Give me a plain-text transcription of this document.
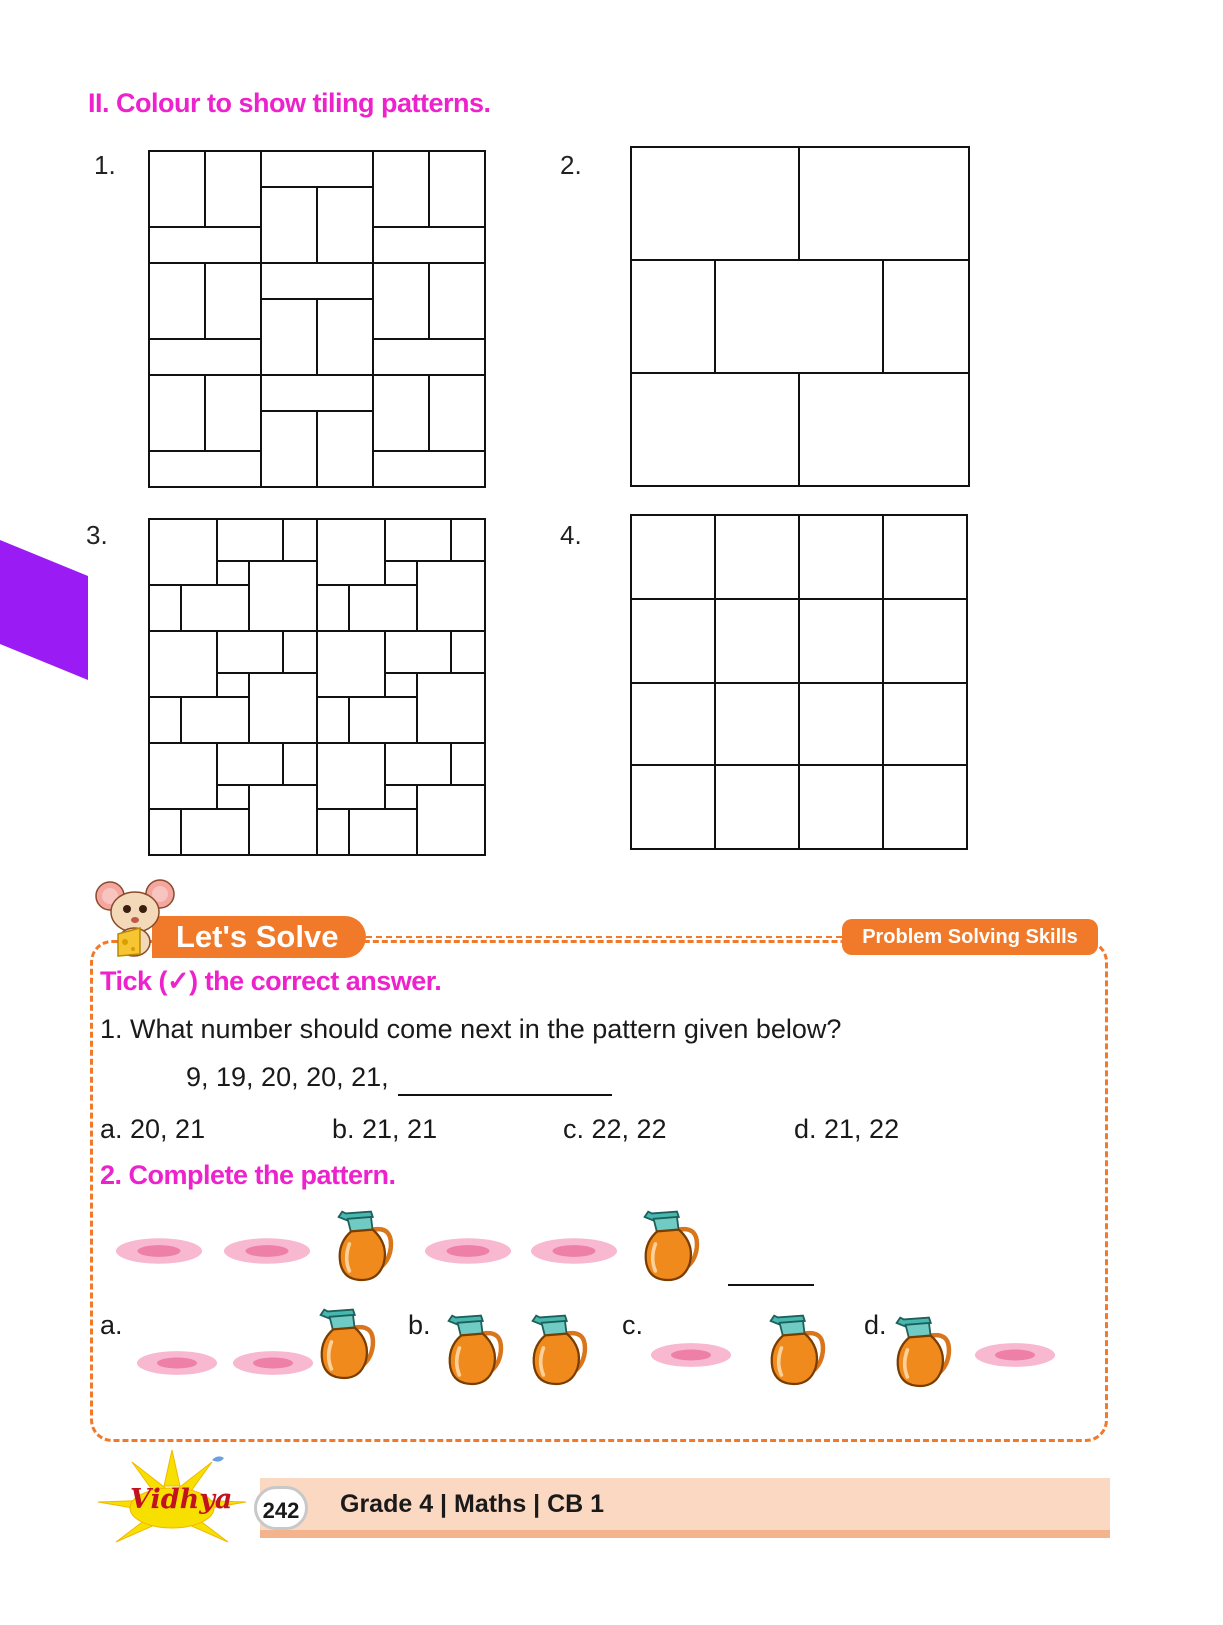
II. Colour to show tiling patterns.
1.	2.
3.	4.
Let's Solve	Problem Solving Skills
Tick (✓) the correct answer.
1. What number should come next in the pattern given below?
9, 19, 20, 20, 21,
a. 20, 21	b. 21, 21	c. 22, 22	d. 21, 22
2. Complete the pattern.
a.	b.	c.	d.
Vidhya	242	Grade 4 | Maths | CB 1
